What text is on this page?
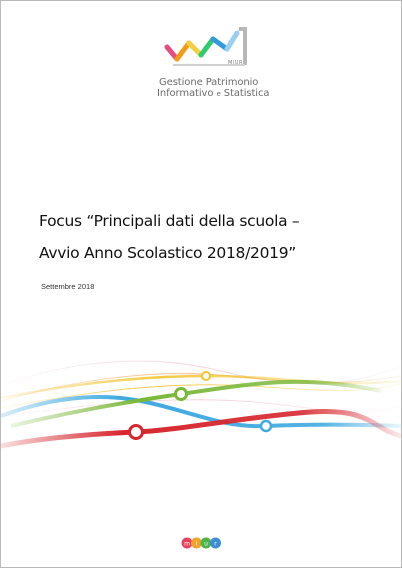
MIUR
Gestione Patrimonio
Informativo e Statistica
Focus “Principali dati della scuola –
Avvio Anno Scolastico 2018/2019”
Settembre 2018
m i u r
